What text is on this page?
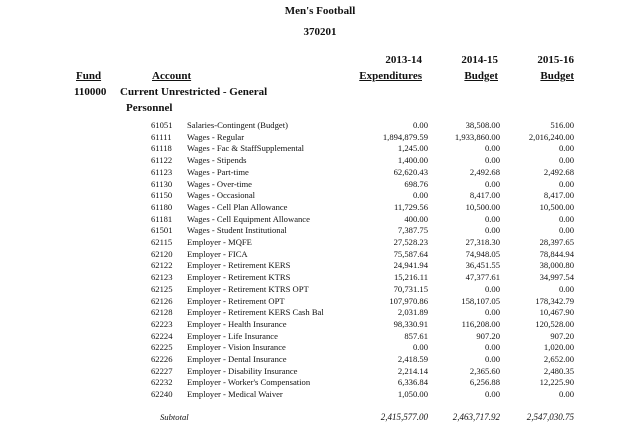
Men's Football
370201
2013-14	2014-15	2015-16
Fund	Account	Expenditures	Budget	Budget
110000 Current Unrestricted - General
Personnel
61051 Salaries-Contingent (Budget)	0.00	38,508.00	516.00
61111 Wages - Regular	1,894,879.59	1,933,860.00	2,016,240.00
61118 Wages - Fac & StaffSupplemental	1,245.00	0.00	0.00
61122 Wages - Stipends	1,400.00	0.00	0.00
61123 Wages - Part-time	62,620.43	2,492.68	2,492.68
61130 Wages - Over-time	698.76	0.00	0.00
61150 Wages - Occasional	0.00	8,417.00	8,417.00
61180 Wages - Cell Plan Allowance	11,729.56	10,500.00	10,500.00
61181 Wages - Cell Equipment Allowance	400.00	0.00	0.00
61501 Wages - Student Institutional	7,387.75	0.00	0.00
62115 Employer - MQFE	27,528.23	27,318.30	28,397.65
62120 Employer - FICA	75,587.64	74,948.05	78,844.94
62122 Employer - Retirement KERS	24,941.94	36,451.55	38,000.80
62123 Employer - Retirement KTRS	15,216.11	47,377.61	34,997.54
62125 Employer - Retirement KTRS OPT	70,731.15	0.00	0.00
62126 Employer - Retirement OPT	107,970.86	158,107.05	178,342.79
62128 Employer - Retirement KERS Cash Bal	2,031.89	0.00	10,467.90
62223 Employer - Health Insurance	98,330.91	116,208.00	120,528.00
62224 Employer - Life Insurance	857.61	907.20	907.20
62225 Employer - Vision Insurance	0.00	0.00	1,020.00
62226 Employer - Dental Insurance	2,418.59	0.00	2,652.00
62227 Employer - Disability Insurance	2,214.14	2,365.60	2,480.35
62232 Employer - Worker's Compensation	6,336.84	6,256.88	12,225.90
62240 Employer - Medical Waiver	1,050.00	0.00	0.00
Subtotal	2,415,577.00	2,463,717.92	2,547,030.75
